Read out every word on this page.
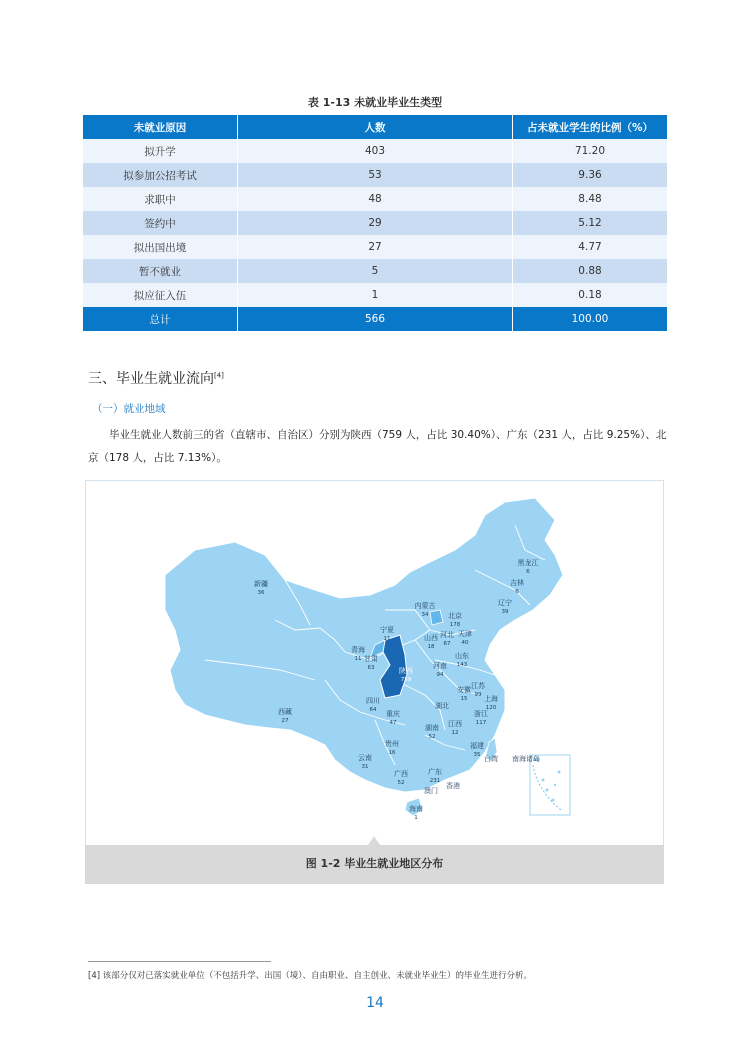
表 1-13 未就业毕业生类型
未就业原因	人数	占未就业学生的比例（%）
拟升学	403	71.20
拟参加公招考试	53	9.36
求职中	48	8.48
签约中	29	5.12
拟出国出境	27	4.77
暂不就业	5	0.88
拟应征入伍	1	0.18
总计	566	100.00
三、毕业生就业流向[4]
（一）就业地域
毕业生就业人数前三的省（直辖市、自治区）分别为陕西（759 人，占比 30.40%）、广东（231 人，占比 9.25%）、北京（178 人，占比 7.13%）。
黑龙江
6
吉林
6
辽宁
39
内蒙古
34	北京
178
天津
40
河北
67
山西
18
山东
143
新疆
36
宁夏
11
青海
11 甘肃
63	陕西
759
河南
94
江苏
99
安徽
15 上海
120
浙江
117
湖北
四川
64 重庆
47
西藏
27
湖南
52
江西
12
贵州
16
福建
35 台湾
云南
31
广西
52
广东
231
香港
澳门
海南
1
南海诸岛
图 1-2 毕业生就业地区分布
[4] 该部分仅对已落实就业单位（不包括升学、出国（境）、自由职业、自主创业、未就业毕业生）的毕业生进行分析。
14
